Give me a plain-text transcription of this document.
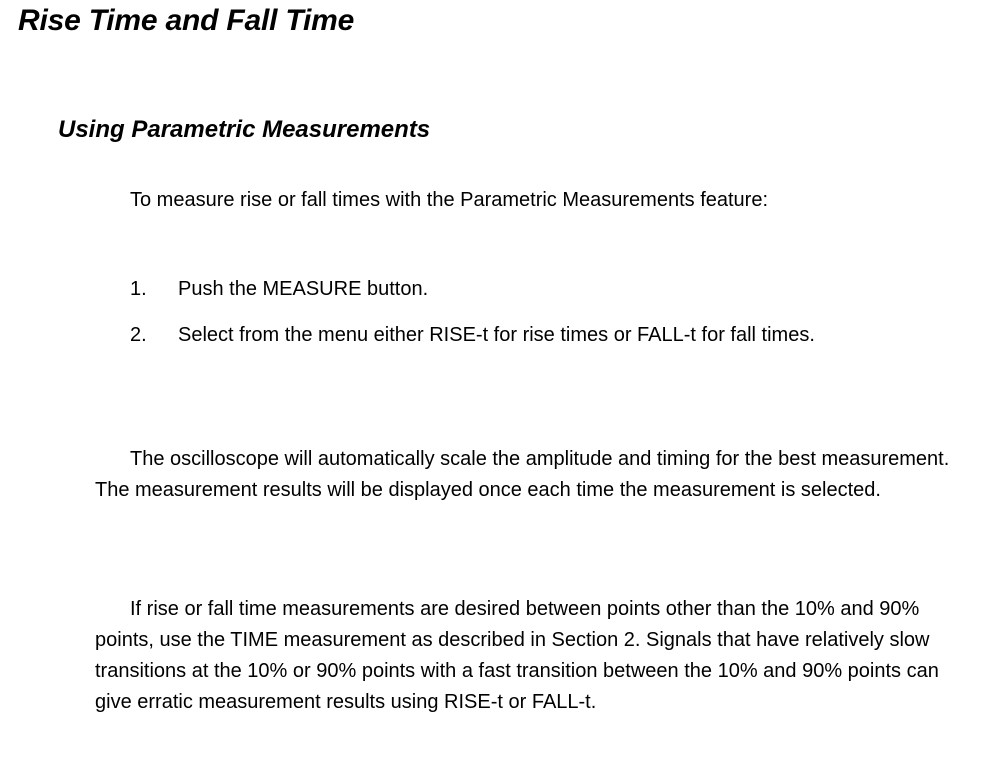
Rise Time and Fall Time
Using Parametric Measurements

To measure rise or fall times with the Parametric Measurements feature:

1. Push the MEASURE button.
2. Select from the menu either RISE-t for rise times or FALL-t for fall times.

The oscilloscope will automatically scale the amplitude and timing for the best measurement. The measurement results will be displayed once each time the measurement is selected.

If rise or fall time measurements are desired between points other than the 10% and 90% points, use the TIME measurement as described in Section 2. Signals that have relatively slow transitions at the 10% or 90% points with a fast transition between the 10% and 90% points can give erratic measurement results using RISE-t or FALL-t.
